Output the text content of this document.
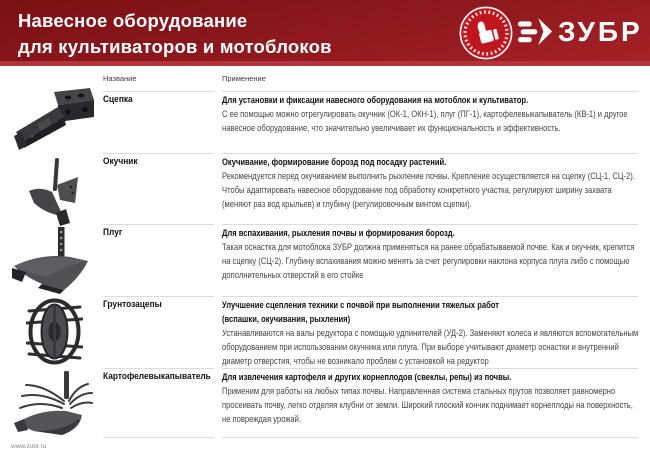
Навесное оборудование
для культиваторов и мотоблоков	ЗУБР
Название	Применение
Сцепка	Для установки и фиксации навесного оборудования на мотоблок и культиватор.
С ее помощью можно отрегулировать окучник (ОК-1, ОКН-1), плуг (ПГ-1), картофелевыкапыватель (КВ-1) и другое навесное оборудование, что значительно увеличивает их функциональность и эффективность.
Окучник	Окучивание, формирование борозд под посадку растений.
Рекомендуется перед окучиванием выполнить рыхление почвы. Крепление осуществляется на сцепку (СЦ-1, СЦ-2). Чтобы адаптировать навесное оборудование под обработку конкретного участка, регулируют ширину захвата (меняют раз вод крыльев) и глубину (регулировочным винтом сцепки).
Плуг	Для вспахивания, рыхления почвы и формирования борозд.
Такая оснастка для мотоблока ЗУБР должна применяться на ранее обрабатываемой почве. Как и окучник, крепится на сцепку (СЦ-2). Глубину вспахивания можно менять за счет регулировки наклона корпуса плуга либо с помощью дополнительных отверстий в его стойке
Грунтозацепы	Улучшение сцепления техники с почвой при выполнении тяжелых работ
(вспашки, окучивания, рыхления)
Устанавливаются на валы редуктора с помощью удлинителей (УД-2). Заменяют колеса и являются вспомогательным оборудованием при использовании окучника или плуга. При выборе учитывают диаметр оснастки и внутренний диаметр отверстия, чтобы не возникало проблем с установкой на редуктор
Картофелевыкапыватель	Для извлечения картофеля и других корнеплодов (свеклы, репы) из почвы.
Применим для работы на любых типах почвы. Направленная система стальных прутов позволяет равномерно просеивать почву, легко отделяя клубни от земли. Широкий плоский кончик поднимает корнеплоды на поверхность, не повреждая урожай.
www.zubr.ru
